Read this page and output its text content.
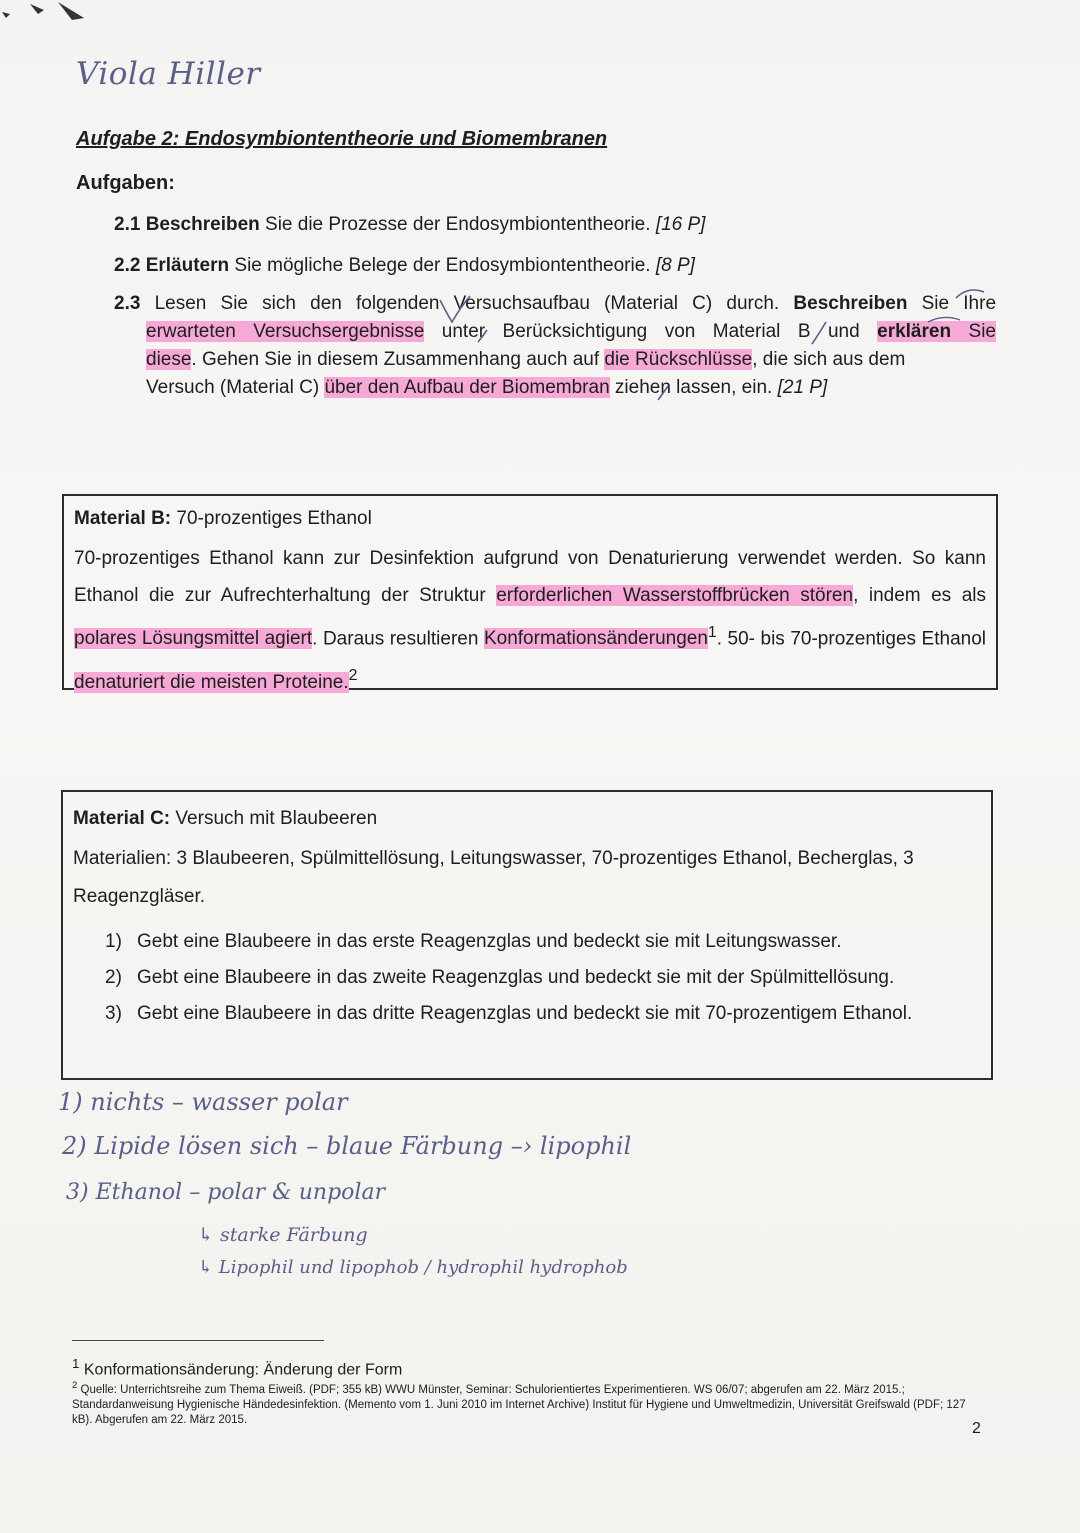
Viola Hiller
Aufgabe 2: Endosymbiontentheorie und Biomembranen
Aufgaben:
2.1 Beschreiben Sie die Prozesse der Endosymbiontentheorie. [16 P]
2.2 Erläutern Sie mögliche Belege der Endosymbiontentheorie. [8 P]
2.3 Lesen Sie sich den folgenden Versuchsaufbau (Material C) durch. Beschreiben Sie Ihre
erwarteten Versuchsergebnisse unter Berücksichtigung von Material B und erklären Sie
diese. Gehen Sie in diesem Zusammenhang auch auf die Rückschlüsse, die sich aus dem
Versuch (Material C) über den Aufbau der Biomembran ziehen lassen, ein. [21 P]
Material B: 70-prozentiges Ethanol

70-prozentiges Ethanol kann zur Desinfektion aufgrund von Denaturierung verwendet werden. So kann Ethanol die zur Aufrechterhaltung der Struktur erforderlichen Wasserstoffbrücken stören, indem es als polares Lösungsmittel agiert. Daraus resultieren Konformationsänderungen$^1$. 50- bis 70-prozentiges Ethanol denaturiert die meisten Proteine.$^2$

Material C: Versuch mit Blaubeeren

Materialien: 3 Blaubeeren, Spülmittellösung, Leitungswasser, 70-prozentiges Ethanol, Becherglas, 3 Reagenzgläser.

1) Gebt eine Blaubeere in das erste Reagenzglas und bedeckt sie mit Leitungswasser.
2) Gebt eine Blaubeere in das zweite Reagenzglas und bedeckt sie mit der Spülmittellösung.
3) Gebt eine Blaubeere in das dritte Reagenzglas und bedeckt sie mit 70-prozentigem Ethanol.
1) nichts – wasser polar
2) Lipide lösen sich – blaue Färbung –› lipophil
3) Ethanol – polar & unpolar
↳ starke Färbung
↳ Lipophil und lipophob / hydrophil hydrophob
$^1$ Konformationsänderung: Änderung der Form
$^2$ Quelle: Unterrichtsreihe zum Thema Eiweiß. (PDF; 355 kB) WWU Münster, Seminar: Schulorientiertes Experimentieren. WS 06/07; abgerufen am 22. März 2015.; Standardanweisung Hygienische Händedesinfektion. (Memento vom 1. Juni 2010 im Internet Archive) Institut für Hygiene und Umweltmedizin, Universität Greifswald (PDF; 127 kB). Abgerufen am 22. März 2015.
2
